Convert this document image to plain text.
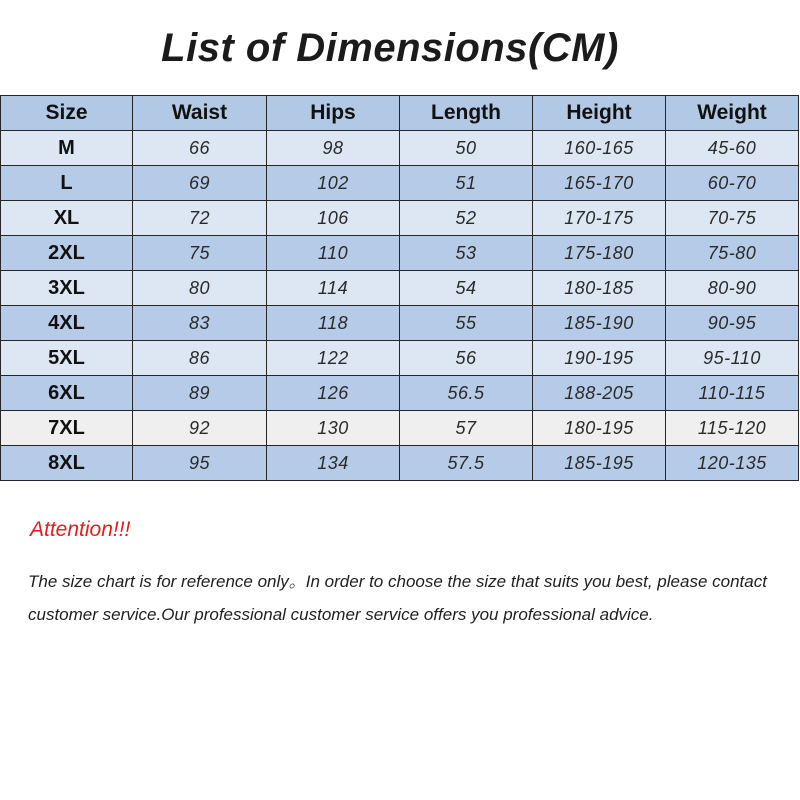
List of Dimensions(CM)
Size	Waist	Hips	Length	Height	Weight
M	66	98	50	160-165	45-60
L	69	102	51	165-170	60-70
XL	72	106	52	170-175	70-75
2XL	75	110	53	175-180	75-80
3XL	80	114	54	180-185	80-90
4XL	83	118	55	185-190	90-95
5XL	86	122	56	190-195	95-110
6XL	89	126	56.5	188-205	110-115
7XL	92	130	57	180-195	115-120
8XL	95	134	57.5	185-195	120-135
Attention!!!
The size chart is for reference only。In order to choose the size that suits you best, please contact customer service.Our professional customer service offers you professional advice.
